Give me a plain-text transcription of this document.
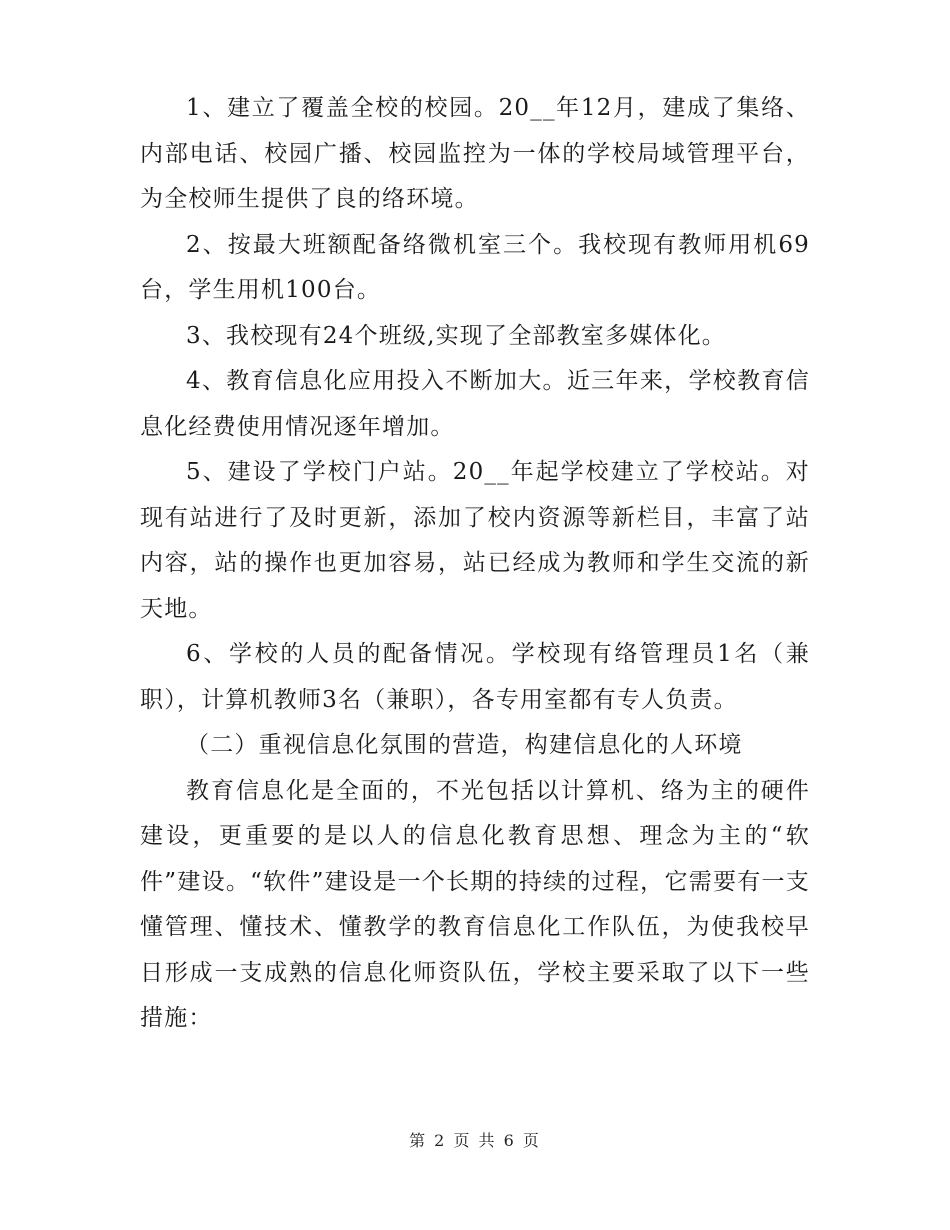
1、建立了覆盖全校的校园。20__年12月，建成了集络、内部电话、校园广播、校园监控为一体的学校局域管理平台，为全校师生提供了良的络环境。

2、按最大班额配备络微机室三个。我校现有教师用机69台，学生用机100台。

3、我校现有24个班级,实现了全部教室多媒体化。

4、教育信息化应用投入不断加大。近三年来，学校教育信息化经费使用情况逐年增加。

5、建设了学校门户站。20__年起学校建立了学校站。对现有站进行了及时更新，添加了校内资源等新栏目，丰富了站内容，站的操作也更加容易，站已经成为教师和学生交流的新天地。

6、学校的人员的配备情况。学校现有络管理员1名（兼职），计算机教师3名（兼职），各专用室都有专人负责。

（二）重视信息化氛围的营造，构建信息化的人环境

教育信息化是全面的，不光包括以计算机、络为主的硬件建设，更重要的是以人的信息化教育思想、理念为主的“软件”建设。“软件”建设是一个长期的持续的过程，它需要有一支懂管理、懂技术、懂教学的教育信息化工作队伍，为使我校早日形成一支成熟的信息化师资队伍，学校主要采取了以下一些措施：

第 2 页 共 6 页
